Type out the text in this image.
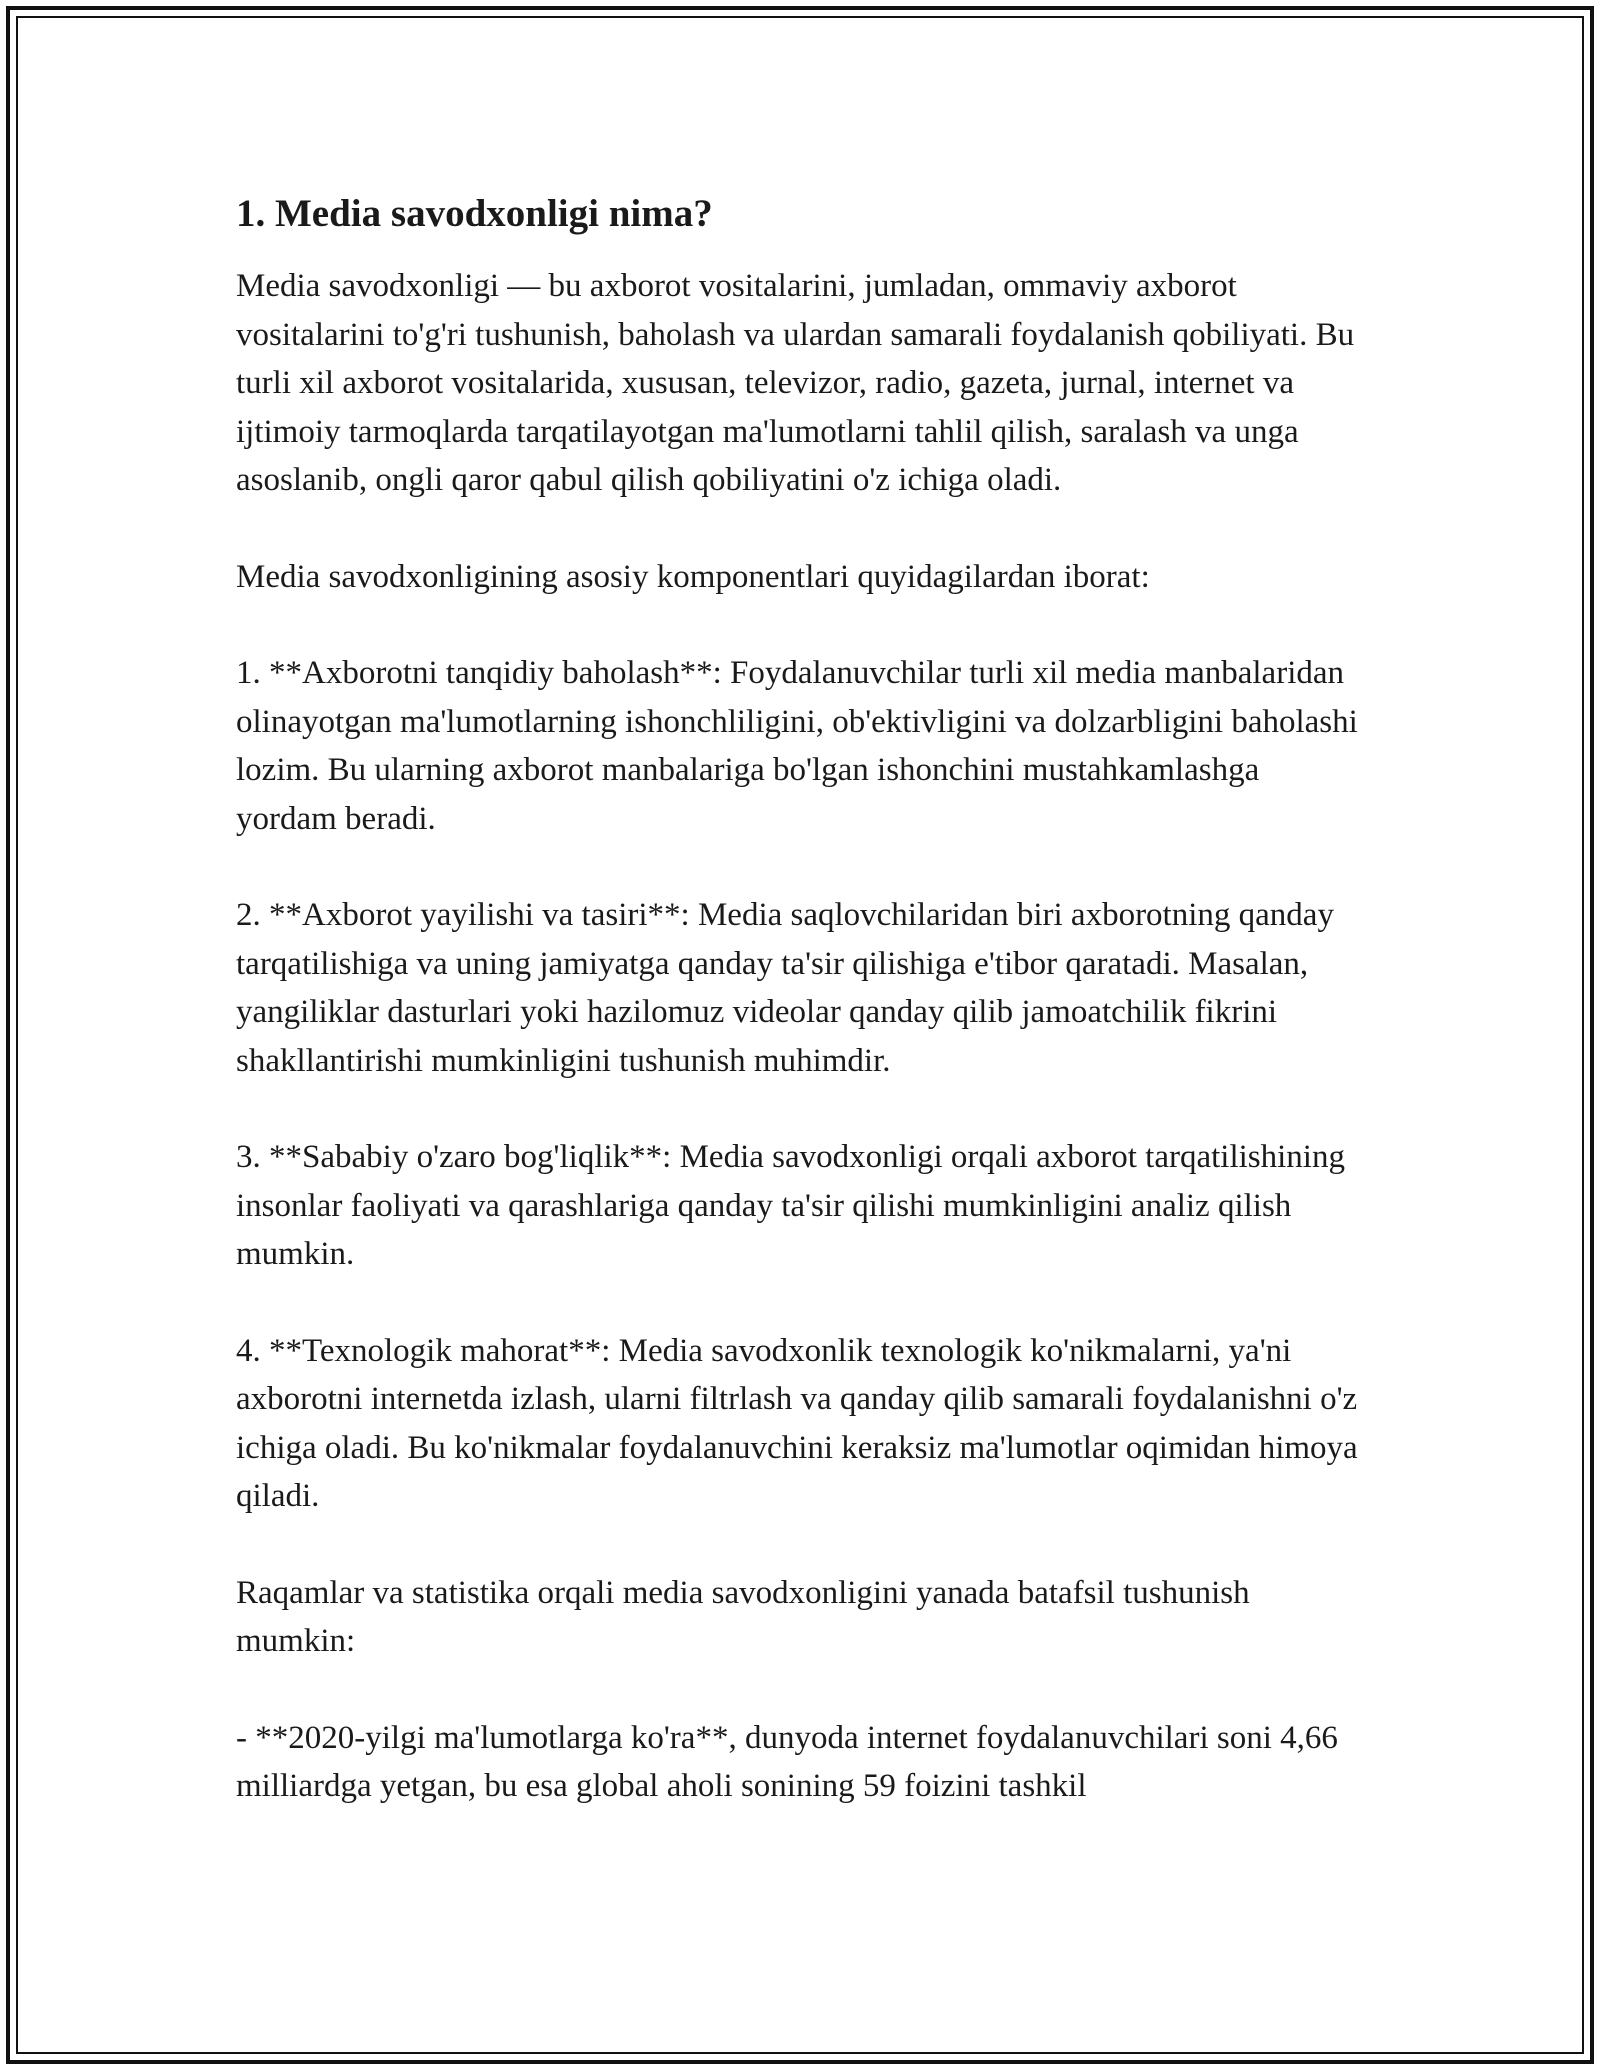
1. Media savodxonligi nima?

Media savodxonligi — bu axborot vositalarini, jumladan, ommaviy axborot vositalarini to'g'ri tushunish, baholash va ulardan samarali foydalanish qobiliyati. Bu turli xil axborot vositalarida, xususan, televizor, radio, gazeta, jurnal, internet va ijtimoiy tarmoqlarda tarqatilayotgan ma'lumotlarni tahlil qilish, saralash va unga asoslanib, ongli qaror qabul qilish qobiliyatini o'z ichiga oladi.

Media savodxonligining asosiy komponentlari quyidagilardan iborat:

1. **Axborotni tanqidiy baholash**: Foydalanuvchilar turli xil media manbalaridan olinayotgan ma'lumotlarning ishonchliligini, ob'ektivligini va dolzarbligini baholashi lozim. Bu ularning axborot manbalariga bo'lgan ishonchini mustahkamlashga yordam beradi.

2. **Axborot yayilishi va tasiri**: Media saqlovchilaridan biri axborotning qanday tarqatilishiga va uning jamiyatga qanday ta'sir qilishiga e'tibor qaratadi. Masalan, yangiliklar dasturlari yoki hazilomuz videolar qanday qilib jamoatchilik fikrini shakllantirishi mumkinligini tushunish muhimdir.

3. **Sababiy o'zaro bog'liqlik**: Media savodxonligi orqali axborot tarqatilishining insonlar faoliyati va qarashlariga qanday ta'sir qilishi mumkinligini analiz qilish mumkin.

4. **Texnologik mahorat**: Media savodxonlik texnologik ko'nikmalarni, ya'ni axborotni internetda izlash, ularni filtrlash va qanday qilib samarali foydalanishni o'z ichiga oladi. Bu ko'nikmalar foydalanuvchini keraksiz ma'lumotlar oqimidan himoya qiladi.

Raqamlar va statistika orqali media savodxonligini yanada batafsil tushunish mumkin:

- **2020-yilgi ma'lumotlarga ko'ra**, dunyoda internet foydalanuvchilari soni 4,66 milliardga yetgan, bu esa global aholi sonining 59 foizini tashkil
